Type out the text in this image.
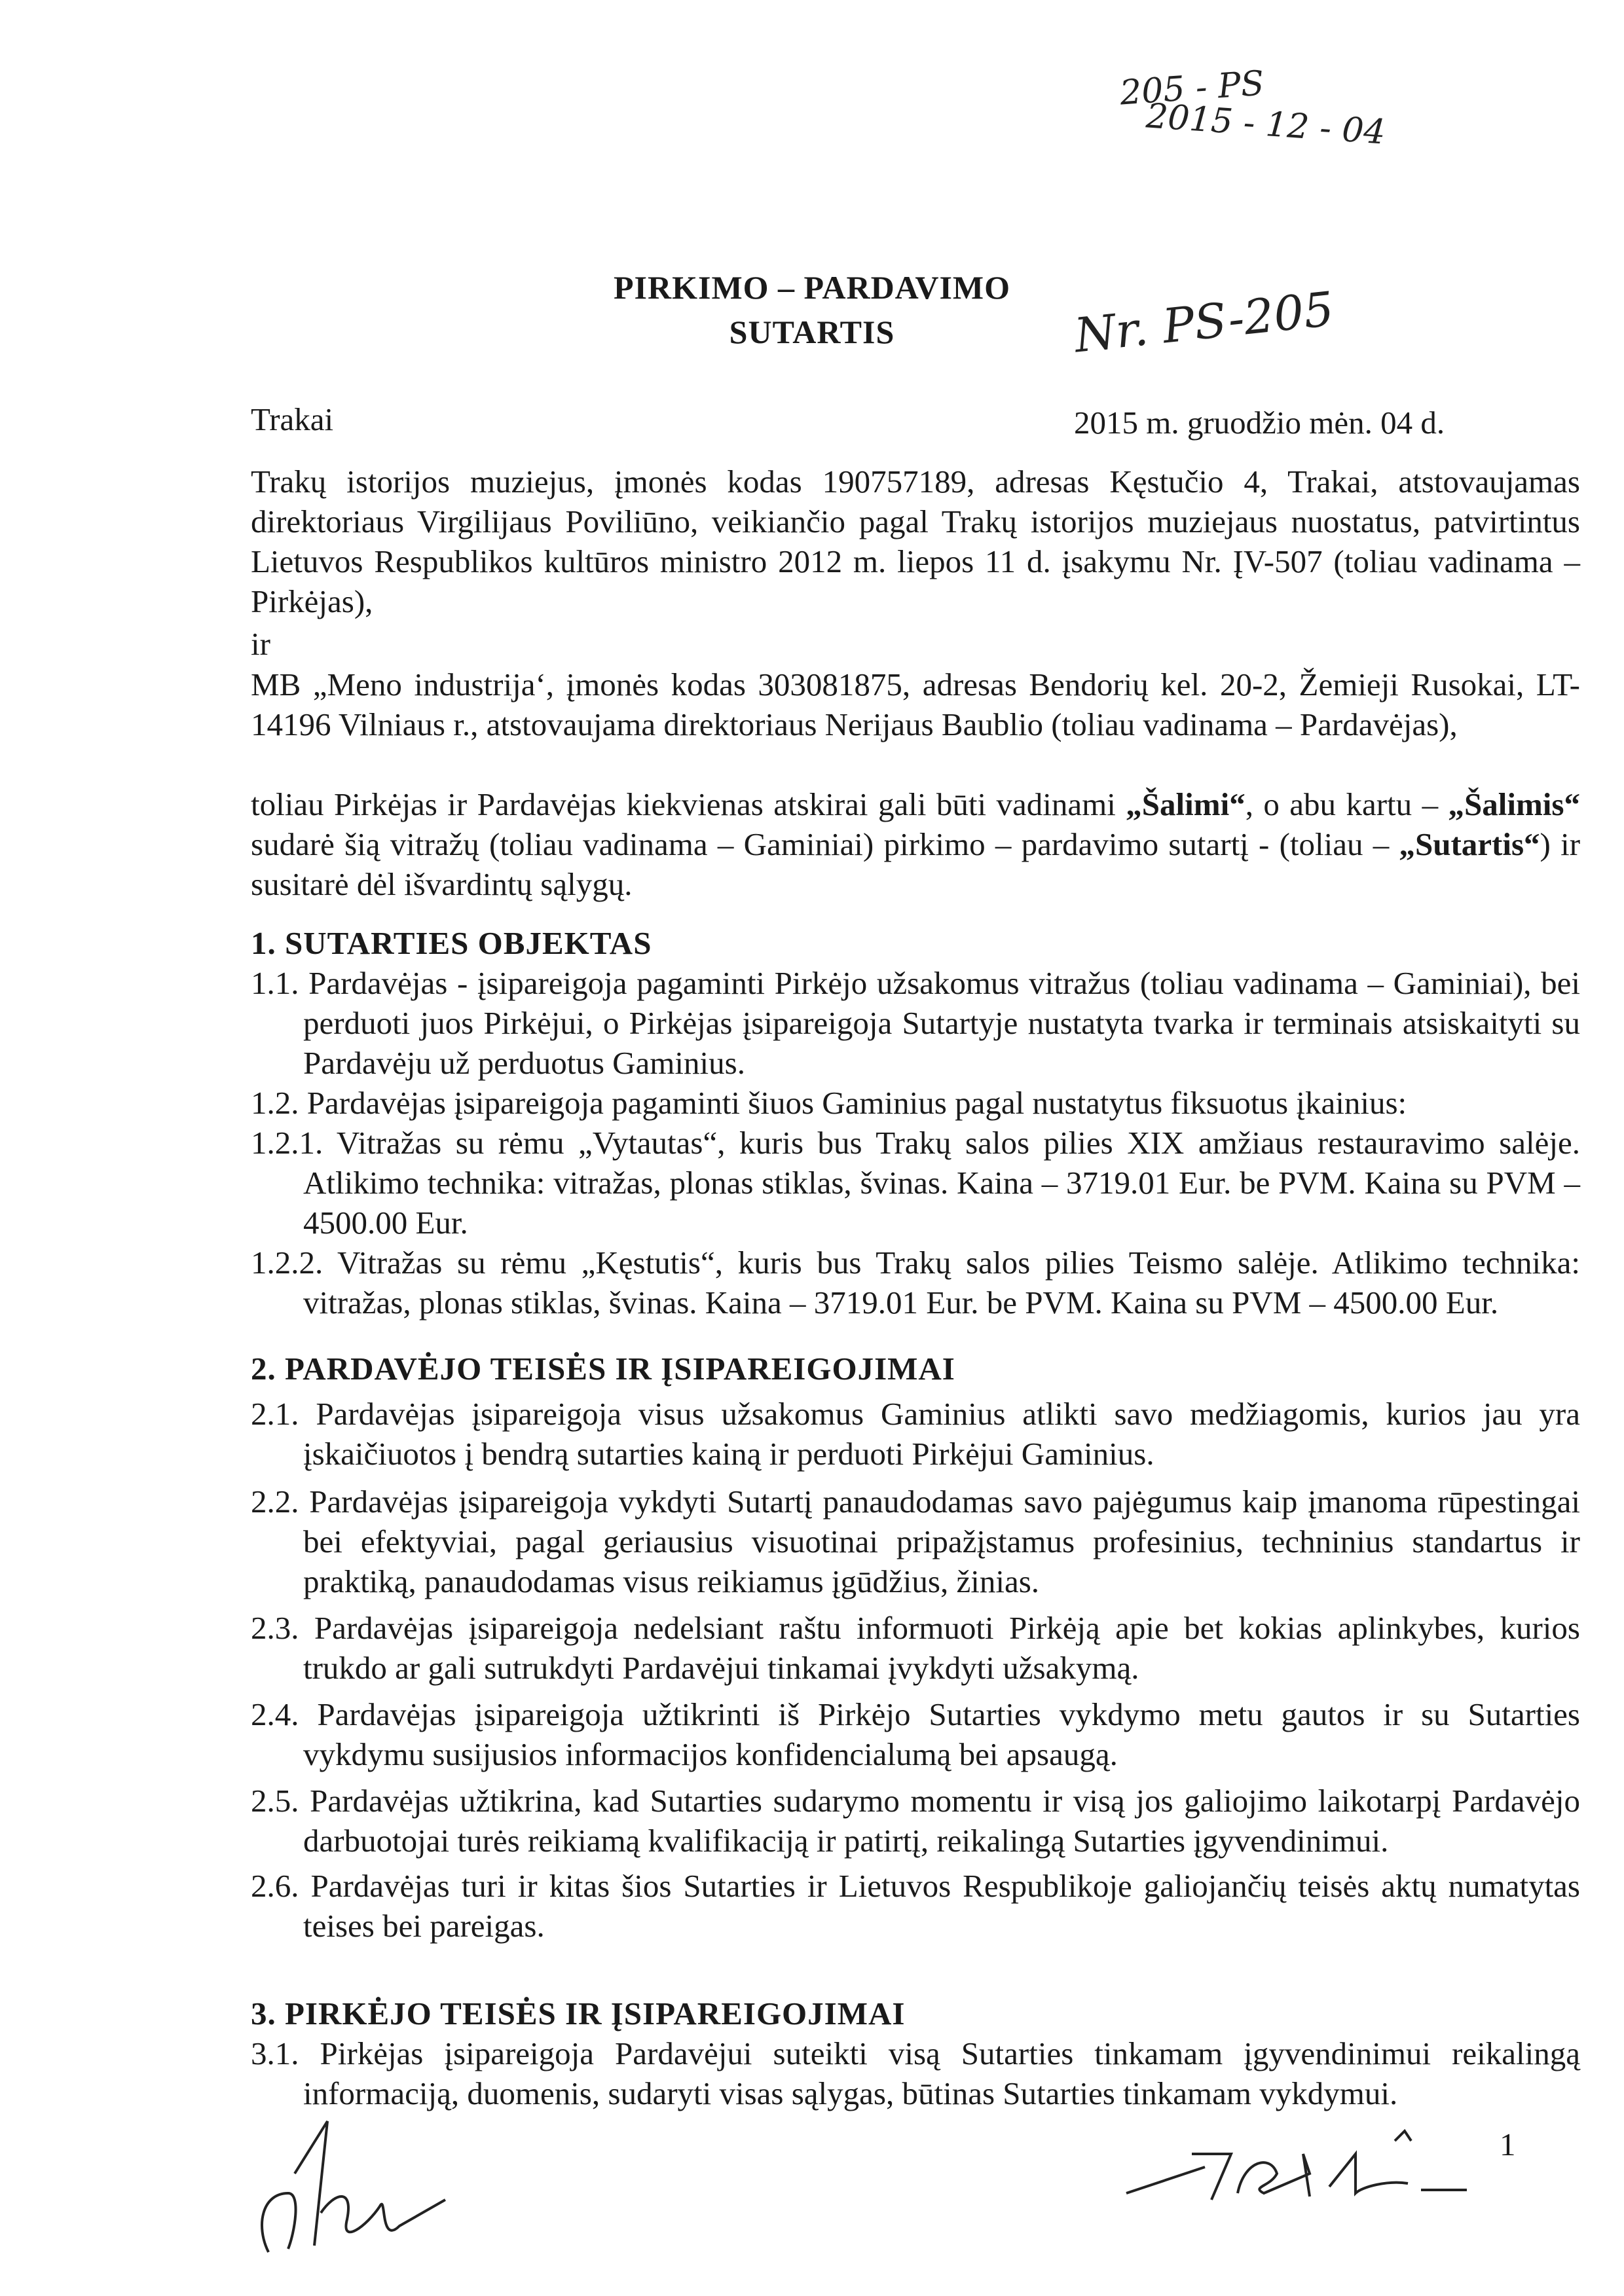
205 - PS
2015 - 12 - 04
PIRKIMO – PARDAVIMO
SUTARTIS	Nr. PS-205
Trakai	2015 m. gruodžio mėn. 04 d.
Trakų istorijos muziejus, įmonės kodas 190757189, adresas Kęstučio 4, Trakai, atstovaujamas direktoriaus Virgilijaus Poviliūno, veikiančio pagal Trakų istorijos muziejaus nuostatus, patvirtintus Lietuvos Respublikos kultūros ministro 2012 m. liepos 11 d. įsakymu Nr. ĮV-507 (toliau vadinama – Pirkėjas),
ir
MB „Meno industrija‘, įmonės kodas 303081875, adresas Bendorių kel. 20-2, Žemieji Rusokai, LT-14196 Vilniaus r., atstovaujama direktoriaus Nerijaus Baublio (toliau vadinama – Pardavėjas),
toliau Pirkėjas ir Pardavėjas kiekvienas atskirai gali būti vadinami „Šalimi“, o abu kartu – „Šalimis“ sudarė šią vitražų (toliau vadinama – Gaminiai) pirkimo – pardavimo sutartį - (toliau – „Sutartis“) ir susitarė dėl išvardintų sąlygų.
1. SUTARTIES OBJEKTAS
1.1. Pardavėjas - įsipareigoja pagaminti Pirkėjo užsakomus vitražus (toliau vadinama – Gaminiai), bei perduoti juos Pirkėjui, o Pirkėjas įsipareigoja Sutartyje nustatyta tvarka ir terminais atsiskaityti su Pardavėju už perduotus Gaminius.
1.2. Pardavėjas įsipareigoja pagaminti šiuos Gaminius pagal nustatytus fiksuotus įkainius:
1.2.1. Vitražas su rėmu „Vytautas“, kuris bus Trakų salos pilies XIX amžiaus restauravimo salėje. Atlikimo technika: vitražas, plonas stiklas, švinas. Kaina – 3719.01 Eur. be PVM. Kaina su PVM – 4500.00 Eur.
1.2.2. Vitražas su rėmu „Kęstutis“, kuris bus Trakų salos pilies Teismo salėje. Atlikimo technika: vitražas, plonas stiklas, švinas. Kaina – 3719.01 Eur. be PVM. Kaina su PVM – 4500.00 Eur.
2. PARDAVĖJO TEISĖS IR ĮSIPAREIGOJIMAI
2.1. Pardavėjas įsipareigoja visus užsakomus Gaminius atlikti savo medžiagomis, kurios jau yra įskaičiuotos į bendrą sutarties kainą ir perduoti Pirkėjui Gaminius.
2.2. Pardavėjas įsipareigoja vykdyti Sutartį panaudodamas savo pajėgumus kaip įmanoma rūpestingai bei efektyviai, pagal geriausius visuotinai pripažįstamus profesinius, techninius standartus ir praktiką, panaudodamas visus reikiamus įgūdžius, žinias.
2.3. Pardavėjas įsipareigoja nedelsiant raštu informuoti Pirkėją apie bet kokias aplinkybes, kurios trukdo ar gali sutrukdyti Pardavėjui tinkamai įvykdyti užsakymą.
2.4. Pardavėjas įsipareigoja užtikrinti iš Pirkėjo Sutarties vykdymo metu gautos ir su Sutarties vykdymu susijusios informacijos konfidencialumą bei apsaugą.
2.5. Pardavėjas užtikrina, kad Sutarties sudarymo momentu ir visą jos galiojimo laikotarpį Pardavėjo darbuotojai turės reikiamą kvalifikaciją ir patirtį, reikalingą Sutarties įgyvendinimui.
2.6. Pardavėjas turi ir kitas šios Sutarties ir Lietuvos Respublikoje galiojančių teisės aktų numatytas teises bei pareigas.
3. PIRKĖJO TEISĖS IR ĮSIPAREIGOJIMAI
3.1. Pirkėjas įsipareigoja Pardavėjui suteikti visą Sutarties tinkamam įgyvendinimui reikalingą informaciją, duomenis, sudaryti visas sąlygas, būtinas Sutarties tinkamam vykdymui.
1
